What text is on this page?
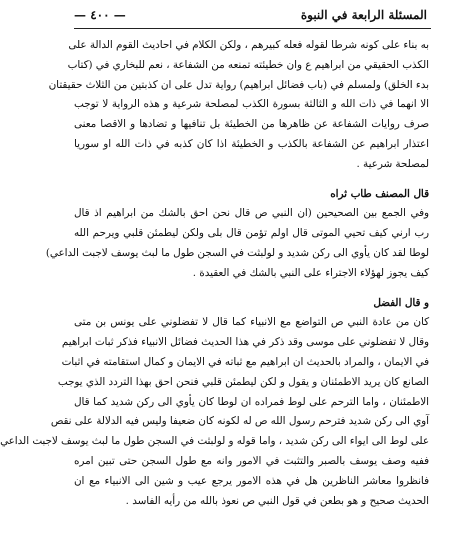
المسئلة الرابعة في النبوة
— ٤٠٠ —
به بناء على كونه شرطا لقوله فعله كبيرهم ، ولكن الكلام في احاديث القوم الدالة على
الكذب الحقيقي من ابراهيم ع وان خطيئته تمنعه من الشفاعة ، نعم للبخاري في (كتاب
بدء الخلق) ولمسلم في (باب فضائل ابراهيم) رواية تدل على ان كذبتين من الثلاث حقيقتان
الا انهما في ذات الله و الثالثة بسورة الكذب لمصلحة شرعية و هذه الرواية لا توجب
صرف روايات الشفاعة عن ظاهرها من الخطيئة بل تنافيها و تضادها و الاقصا معنى
اعتذار ابراهيم عن الشفاعة بالكذب و الخطيئة اذا كان كذبه في ذات الله او سوريا
لمصلحة شرعية .
قال المصنف طاب ثراه
وفي الجمع بين الصحيحين (ان النبي ص قال نحن احق بالشك من ابراهيم اذ قال
رب ارني كيف تحيي الموتى قال اولم تؤمن قال بلى ولكن ليطمئن قلبي ويرحم الله
لوطا لقد كان يأوي الى ركن شديد و لولبثت في السجن طول ما لبث يوسف لاجبت الداعي)
كيف يجوز لهؤلاء الاجتراء على النبي بالشك في العقيدة .
و قال الفضل
كان من عادة النبي ص التواضع مع الانبياء كما قال لا تفضلوني على يونس بن متى
وقال لا تفضلوني على موسى وقد ذكر في هذا الحديث فضائل الانبياء فذكر ثبات ابراهيم
في الايمان ، والمراد بالحديث ان ابراهيم مع ثباته في الايمان و كمال استقامته في اثبات
الصانع كان يريد الاطمئنان و يقول و لكن ليطمئن قلبي فنحن احق بهذا التردد الذي يوجب
الاطمئنان ، واما الترحم على لوط فمراده ان لوطا كان يأوي الى ركن شديد كما قال
آوي الى ركن شديد فترحم رسول الله ص له لكونه كان ضعيفا وليس فيه الدلالة على نقص
على لوط الى ايواء الى ركن شديد ، واما قوله و لولبثت في السجن طول ما لبث يوسف لاجبت الداعي
ففيه وصف يوسف بالصبر والتثبت في الامور وانه مع طول السجن حتى تبين امره
فانظروا معاشر الناظرين هل في هذه الامور يرجع عيب و شين الى الانبياء مع ان
الحديث صحيح و هو بطعن في قول النبي ص نعوذ بالله من رأيه الفاسد .
